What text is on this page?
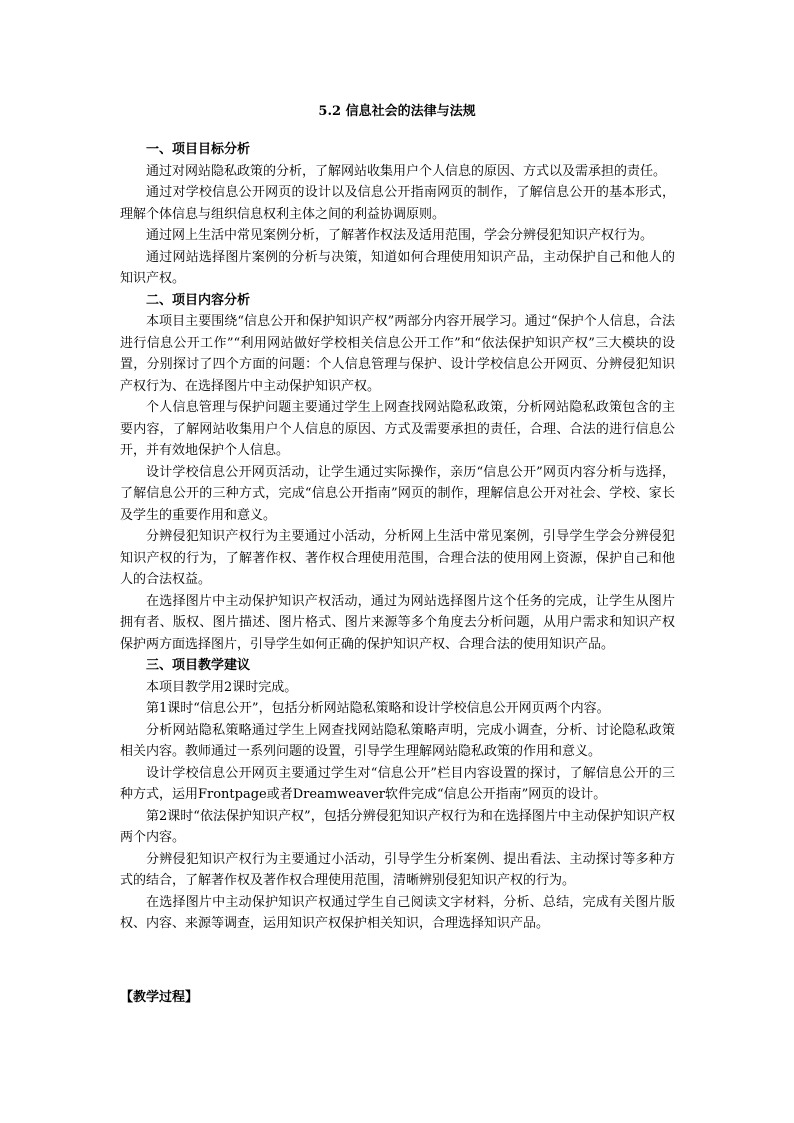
5.2 信息社会的法律与法规
一、项目目标分析

通过对网站隐私政策的分析，了解网站收集用户个人信息的原因、方式以及需承担的责任。

通过对学校信息公开网页的设计以及信息公开指南网页的制作，了解信息公开的基本形式，理解个体信息与组织信息权利主体之间的利益协调原则。

通过网上生活中常见案例分析，了解著作权法及适用范围，学会分辨侵犯知识产权行为。

通过网站选择图片案例的分析与决策，知道如何合理使用知识产品，主动保护自己和他人的知识产权。

二、项目内容分析

本项目主要围绕“信息公开和保护知识产权”两部分内容开展学习。通过“保护个人信息，合法进行信息公开工作”“利用网站做好学校相关信息公开工作”和“依法保护知识产权”三大模块的设置，分别探讨了四个方面的问题：个人信息管理与保护、设计学校信息公开网页、分辨侵犯知识产权行为、在选择图片中主动保护知识产权。

个人信息管理与保护问题主要通过学生上网查找网站隐私政策，分析网站隐私政策包含的主要内容，了解网站收集用户个人信息的原因、方式及需要承担的责任，合理、合法的进行信息公开，并有效地保护个人信息。

设计学校信息公开网页活动，让学生通过实际操作，亲历“信息公开”网页内容分析与选择，了解信息公开的三种方式，完成“信息公开指南”网页的制作，理解信息公开对社会、学校、家长及学生的重要作用和意义。

分辨侵犯知识产权行为主要通过小活动，分析网上生活中常见案例，引导学生学会分辨侵犯知识产权的行为，了解著作权、著作权合理使用范围，合理合法的使用网上资源，保护自己和他人的合法权益。

在选择图片中主动保护知识产权活动，通过为网站选择图片这个任务的完成，让学生从图片拥有者、版权、图片描述、图片格式、图片来源等多个角度去分析问题，从用户需求和知识产权保护两方面选择图片，引导学生如何正确的保护知识产权、合理合法的使用知识产品。

三、项目教学建议

本项目教学用2课时完成。

第1课时“信息公开”，包括分析网站隐私策略和设计学校信息公开网页两个内容。

分析网站隐私策略通过学生上网查找网站隐私策略声明，完成小调查，分析、讨论隐私政策相关内容。教师通过一系列问题的设置，引导学生理解网站隐私政策的作用和意义。

设计学校信息公开网页主要通过学生对“信息公开”栏目内容设置的探讨，了解信息公开的三种方式，运用Frontpage或者Dreamweaver软件完成“信息公开指南”网页的设计。

第2课时“依法保护知识产权”，包括分辨侵犯知识产权行为和在选择图片中主动保护知识产权两个内容。

分辨侵犯知识产权行为主要通过小活动，引导学生分析案例、提出看法、主动探讨等多种方式的结合，了解著作权及著作权合理使用范围，清晰辨别侵犯知识产权的行为。

在选择图片中主动保护知识产权通过学生自己阅读文字材料，分析、总结，完成有关图片版权、内容、来源等调查，运用知识产权保护相关知识，合理选择知识产品。

【教学过程】
